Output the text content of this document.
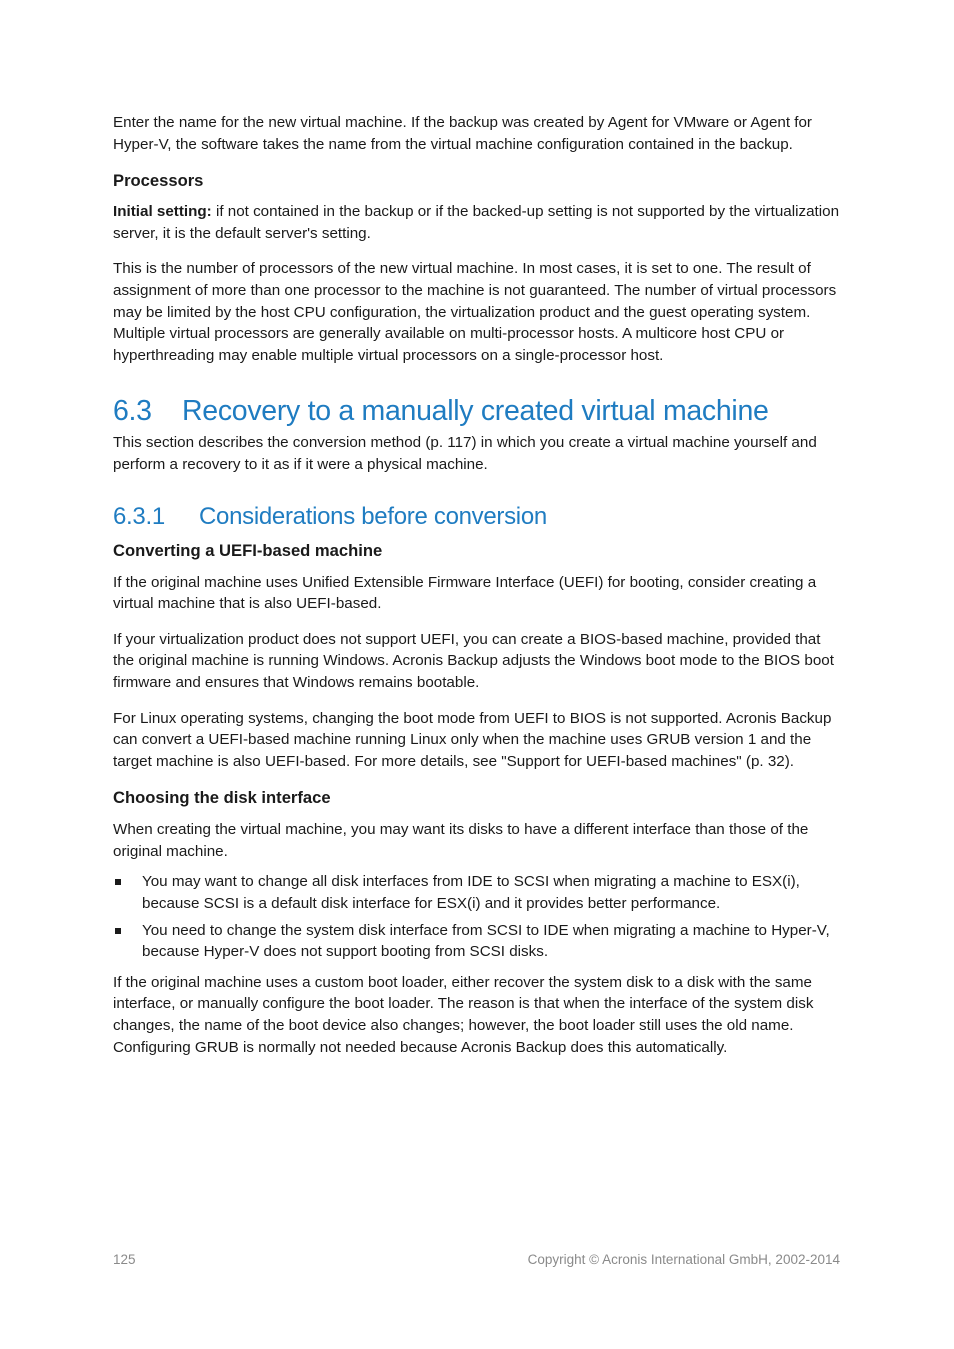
Enter the name for the new virtual machine. If the backup was created by Agent for VMware or Agent for Hyper-V, the software takes the name from the virtual machine configuration contained in the backup.

Processors

Initial setting: if not contained in the backup or if the backed-up setting is not supported by the virtualization server, it is the default server's setting.

This is the number of processors of the new virtual machine. In most cases, it is set to one. The result of assignment of more than one processor to the machine is not guaranteed. The number of virtual processors may be limited by the host CPU configuration, the virtualization product and the guest operating system. Multiple virtual processors are generally available on multi-processor hosts. A multicore host CPU or hyperthreading may enable multiple virtual processors on a single-processor host.

6.3 Recovery to a manually created virtual machine

This section describes the conversion method (p. 117) in which you create a virtual machine yourself and perform a recovery to it as if it were a physical machine.

6.3.1 Considerations before conversion
Converting a UEFI-based machine

If the original machine uses Unified Extensible Firmware Interface (UEFI) for booting, consider creating a virtual machine that is also UEFI-based.

If your virtualization product does not support UEFI, you can create a BIOS-based machine, provided that the original machine is running Windows. Acronis Backup adjusts the Windows boot mode to the BIOS boot firmware and ensures that Windows remains bootable.

For Linux operating systems, changing the boot mode from UEFI to BIOS is not supported. Acronis Backup can convert a UEFI-based machine running Linux only when the machine uses GRUB version 1 and the target machine is also UEFI-based. For more details, see "Support for UEFI-based machines" (p. 32).

Choosing the disk interface

When creating the virtual machine, you may want its disks to have a different interface than those of the original machine.

You may want to change all disk interfaces from IDE to SCSI when migrating a machine to ESX(i), because SCSI is a default disk interface for ESX(i) and it provides better performance.
You need to change the system disk interface from SCSI to IDE when migrating a machine to Hyper-V, because Hyper-V does not support booting from SCSI disks.

If the original machine uses a custom boot loader, either recover the system disk to a disk with the same interface, or manually configure the boot loader. The reason is that when the interface of the system disk changes, the name of the boot device also changes; however, the boot loader still uses the old name. Configuring GRUB is normally not needed because Acronis Backup does this automatically.

125	Copyright © Acronis International GmbH, 2002-2014
